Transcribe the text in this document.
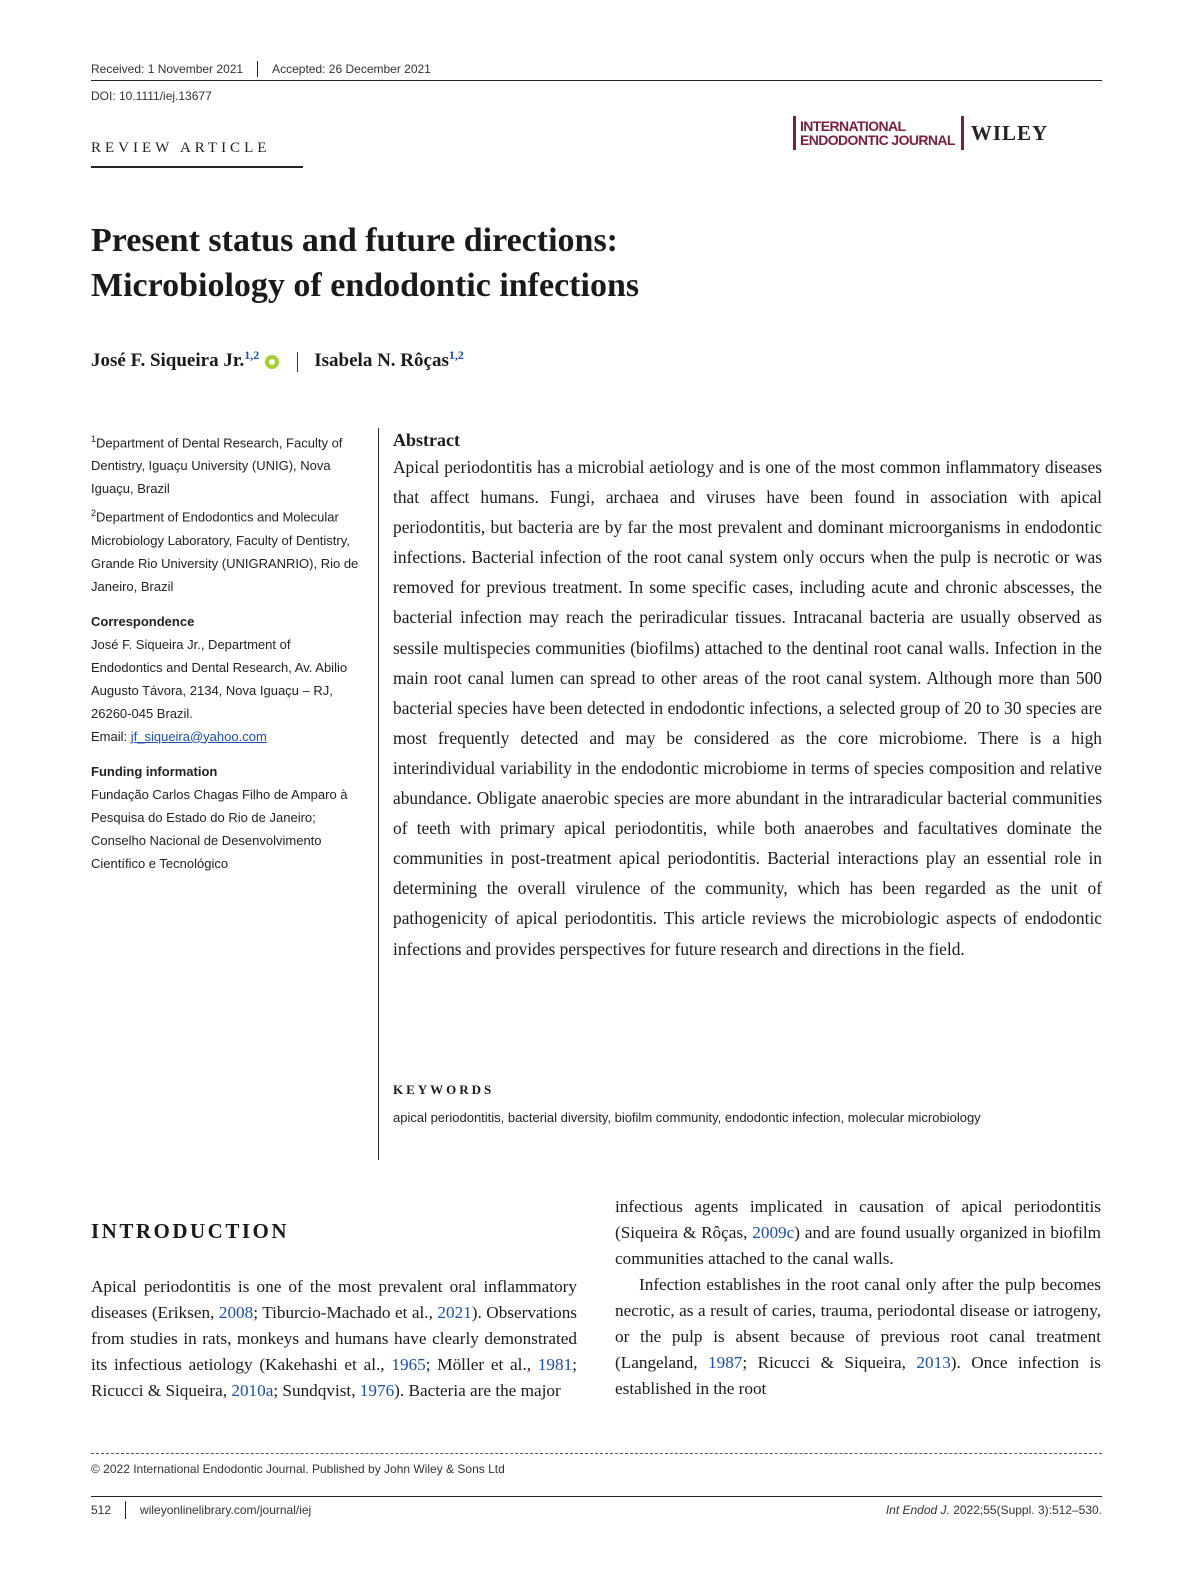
Received: 1 November 2021 Accepted: 26 December 2021
DOI: 10.1111/iej.13677
REVIEW ARTICLE
INTERNATIONAL
ENDODONTIC JOURNAL WILEY
Present status and future directions:
Microbiology of endodontic infections
José F. Siqueira Jr.$^{1,2}$	Isabela N. Rôças$^{1,2}$
$^1$Department of Dental Research, Faculty of Dentistry, Iguaçu University (UNIG), Nova Iguaçu, Brazil
$^2$Department of Endodontics and Molecular Microbiology Laboratory, Faculty of Dentistry, Grande Rio University (UNIGRANRIO), Rio de Janeiro, Brazil
Correspondence
José F. Siqueira Jr., Department of Endodontics and Dental Research, Av. Abilio Augusto Távora, 2134, Nova Iguaçu – RJ, 26260-045 Brazil.
Email: jf_siqueira@yahoo.com
Funding information
Fundação Carlos Chagas Filho de Amparo à Pesquisa do Estado do Rio de Janeiro; Conselho Nacional de Desenvolvimento Científico e Tecnológico
Abstract
Apical periodontitis has a microbial aetiology and is one of the most common inflammatory diseases that affect humans. Fungi, archaea and viruses have been found in association with apical periodontitis, but bacteria are by far the most prevalent and dominant microorganisms in endodontic infections. Bacterial infection of the root canal system only occurs when the pulp is necrotic or was removed for previous treatment. In some specific cases, including acute and chronic abscesses, the bacterial infection may reach the periradicular tissues. Intracanal bacteria are usually observed as sessile multispecies communities (biofilms) attached to the dentinal root canal walls. Infection in the main root canal lumen can spread to other areas of the root canal system. Although more than 500 bacterial species have been detected in endodontic infections, a selected group of 20 to 30 species are most frequently detected and may be considered as the core microbiome. There is a high interindividual variability in the endodontic microbiome in terms of species composition and relative abundance. Obligate anaerobic species are more abundant in the intraradicular bacterial communities of teeth with primary apical periodontitis, while both anaerobes and facultatives dominate the communities in post-treatment apical periodontitis. Bacterial interactions play an essential role in determining the overall virulence of the community, which has been regarded as the unit of pathogenicity of apical periodontitis. This article reviews the microbiologic aspects of endodontic infections and provides perspectives for future research and directions in the field.
KEYWORDS
apical periodontitis, bacterial diversity, biofilm community, endodontic infection, molecular microbiology
INTRODUCTION

Apical periodontitis is one of the most prevalent oral inflammatory diseases (Eriksen, 2008; Tiburcio-Machado et al., 2021). Observations from studies in rats, monkeys and humans have clearly demonstrated its infectious aetiology (Kakehashi et al., 1965; Möller et al., 1981; Ricucci & Siqueira, 2010a; Sundqvist, 1976). Bacteria are the major

infectious agents implicated in causation of apical periodontitis (Siqueira & Rôças, 2009c) and are found usually organized in biofilm communities attached to the canal walls.

Infection establishes in the root canal only after the pulp becomes necrotic, as a result of caries, trauma, periodontal disease or iatrogeny, or the pulp is absent because of previous root canal treatment (Langeland, 1987; Ricucci & Siqueira, 2013). Once infection is established in the root

© 2022 International Endodontic Journal. Published by John Wiley & Sons Ltd
512 wileyonlinelibrary.com/journal/iej	Int Endod J. 2022;55(Suppl. 3):512–530.
